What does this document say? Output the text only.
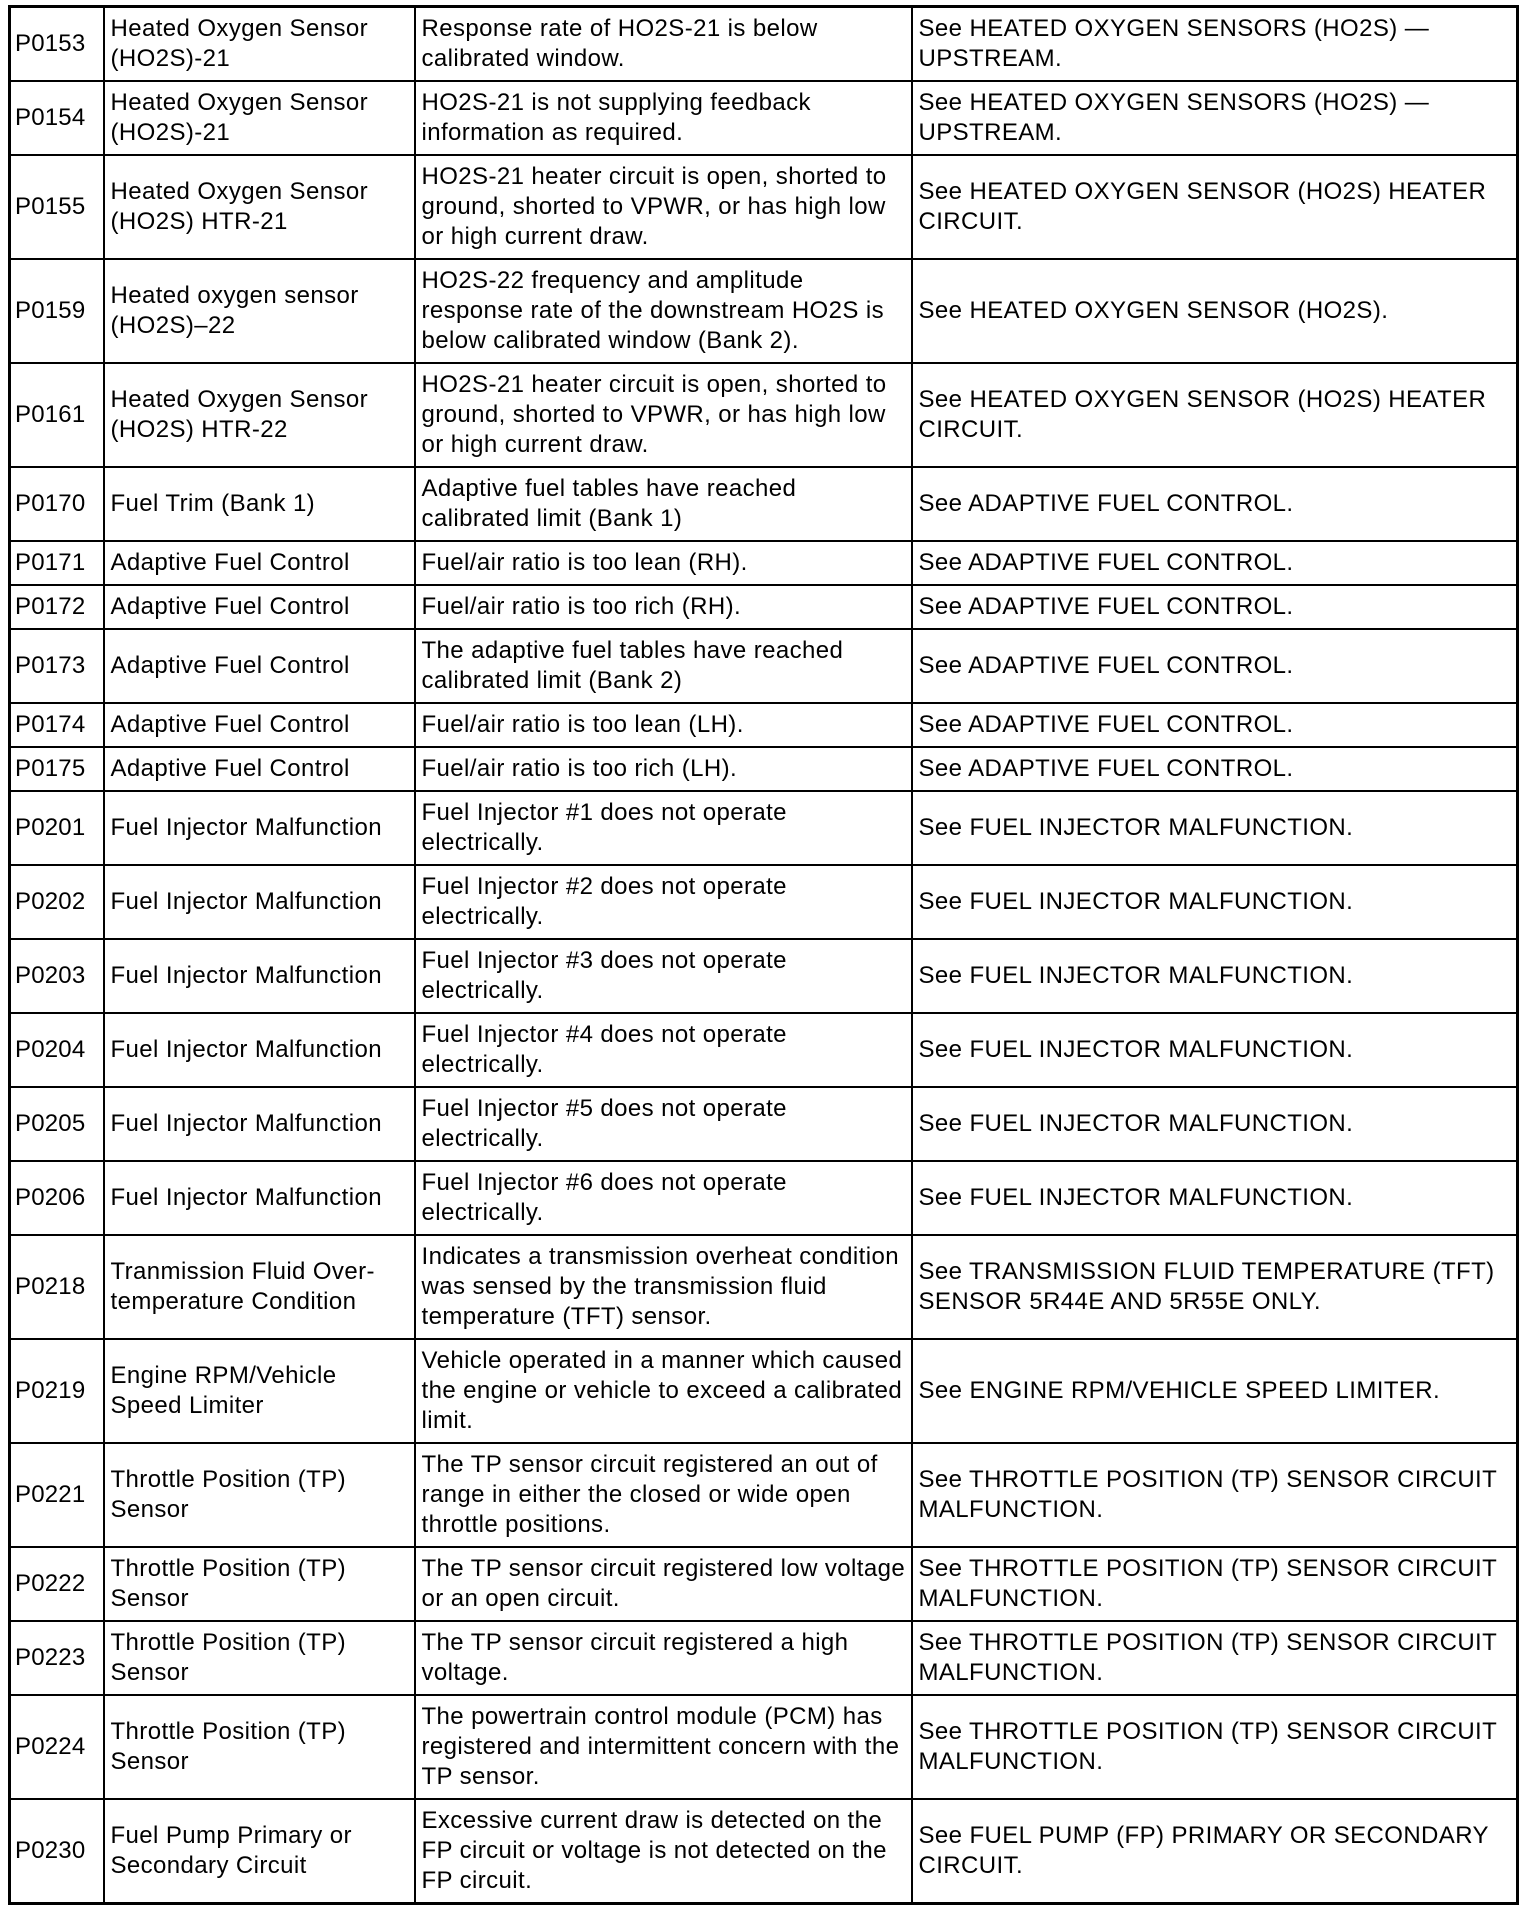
P0153	Heated Oxygen Sensor (HO2S)-21	Response rate of HO2S-21 is below calibrated window.	See HEATED OXYGEN SENSORS (HO2S) — UPSTREAM.
P0154	Heated Oxygen Sensor (HO2S)-21	HO2S-21 is not supplying feedback information as required.	See HEATED OXYGEN SENSORS (HO2S) — UPSTREAM.
P0155	Heated Oxygen Sensor (HO2S) HTR-21	HO2S-21 heater circuit is open, shorted to ground, shorted to VPWR, or has high low or high current draw.	See HEATED OXYGEN SENSOR (HO2S) HEATER CIRCUIT.
P0159	Heated oxygen sensor (HO2S)–22	HO2S-22 frequency and amplitude response rate of the downstream HO2S is below calibrated window (Bank 2).	See HEATED OXYGEN SENSOR (HO2S).
P0161	Heated Oxygen Sensor (HO2S) HTR-22	HO2S-21 heater circuit is open, shorted to ground, shorted to VPWR, or has high low or high current draw.	See HEATED OXYGEN SENSOR (HO2S) HEATER CIRCUIT.
P0170	Fuel Trim (Bank 1)	Adaptive fuel tables have reached calibrated limit (Bank 1)	See ADAPTIVE FUEL CONTROL.
P0171	Adaptive Fuel Control	Fuel/air ratio is too lean (RH).	See ADAPTIVE FUEL CONTROL.
P0172	Adaptive Fuel Control	Fuel/air ratio is too rich (RH).	See ADAPTIVE FUEL CONTROL.
P0173	Adaptive Fuel Control	The adaptive fuel tables have reached calibrated limit (Bank 2)	See ADAPTIVE FUEL CONTROL.
P0174	Adaptive Fuel Control	Fuel/air ratio is too lean (LH).	See ADAPTIVE FUEL CONTROL.
P0175	Adaptive Fuel Control	Fuel/air ratio is too rich (LH).	See ADAPTIVE FUEL CONTROL.
P0201	Fuel Injector Malfunction	Fuel Injector #1 does not operate electrically.	See FUEL INJECTOR MALFUNCTION.
P0202	Fuel Injector Malfunction	Fuel Injector #2 does not operate electrically.	See FUEL INJECTOR MALFUNCTION.
P0203	Fuel Injector Malfunction	Fuel Injector #3 does not operate electrically.	See FUEL INJECTOR MALFUNCTION.
P0204	Fuel Injector Malfunction	Fuel Injector #4 does not operate electrically.	See FUEL INJECTOR MALFUNCTION.
P0205	Fuel Injector Malfunction	Fuel Injector #5 does not operate electrically.	See FUEL INJECTOR MALFUNCTION.
P0206	Fuel Injector Malfunction	Fuel Injector #6 does not operate electrically.	See FUEL INJECTOR MALFUNCTION.
P0218	Tranmission Fluid Over-temperature Condition	Indicates a transmission overheat condition was sensed by the transmission fluid temperature (TFT) sensor.	See TRANSMISSION FLUID TEMPERATURE (TFT) SENSOR 5R44E AND 5R55E ONLY.
P0219	Engine RPM/Vehicle Speed Limiter	Vehicle operated in a manner which caused the engine or vehicle to exceed a calibrated limit.	See ENGINE RPM/VEHICLE SPEED LIMITER.
P0221	Throttle Position (TP) Sensor	The TP sensor circuit registered an out of range in either the closed or wide open throttle positions.	See THROTTLE POSITION (TP) SENSOR CIRCUIT MALFUNCTION.
P0222	Throttle Position (TP) Sensor	The TP sensor circuit registered low voltage or an open circuit.	See THROTTLE POSITION (TP) SENSOR CIRCUIT MALFUNCTION.
P0223	Throttle Position (TP) Sensor	The TP sensor circuit registered a high voltage.	See THROTTLE POSITION (TP) SENSOR CIRCUIT MALFUNCTION.
P0224	Throttle Position (TP) Sensor	The powertrain control module (PCM) has registered and intermittent concern with the TP sensor.	See THROTTLE POSITION (TP) SENSOR CIRCUIT MALFUNCTION.
P0230	Fuel Pump Primary or Secondary Circuit	Excessive current draw is detected on the FP circuit or voltage is not detected on the FP circuit.	See FUEL PUMP (FP) PRIMARY OR SECONDARY CIRCUIT.
